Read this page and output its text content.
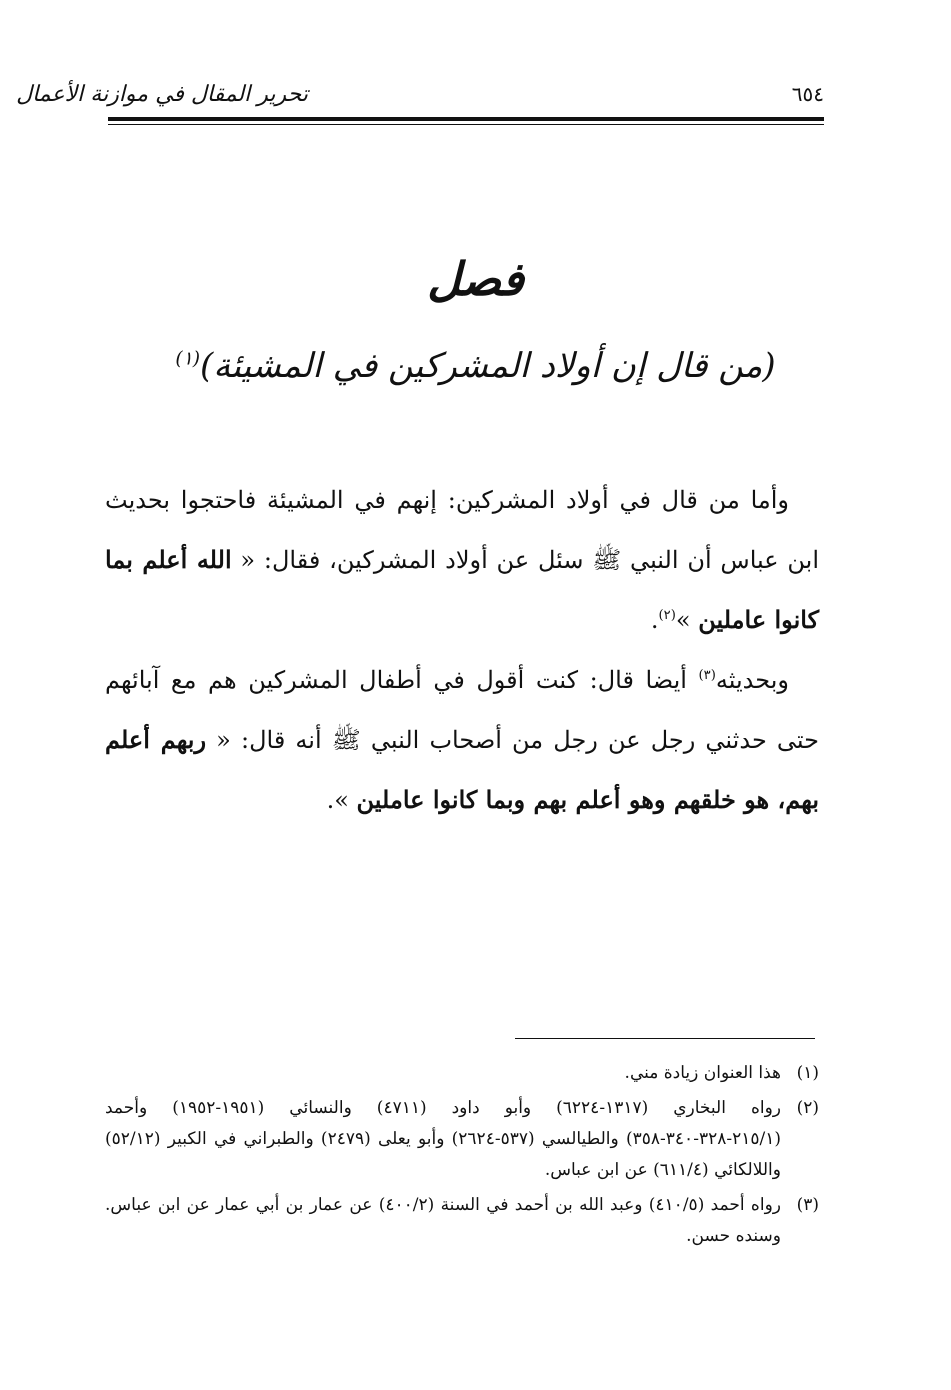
٦٥٤
تحرير المقال في موازنة الأعمال
فصل
(من قال إن أولاد المشركين في المشيئة)$^{(١)}$

وأما من قال في أولاد المشركين: إنهم في المشيئة فاحتجوا بحديث ابن عباس أن النبي ﷺ سئل عن أولاد المشركين، فقال: « الله أعلم بما كانوا عاملين »$^{(٢)}$.

وبحديثه$^{(٣)}$ أيضا قال: كنت أقول في أطفال المشركين هم مع آبائهم حتى حدثني رجل عن رجل من أصحاب النبي ﷺ أنه قال: « ربهم أعلم بهم، هو خلقهم وهو أعلم بهم وبما كانوا عاملين ».

(١)هذا العنوان زيادة مني.

(٢)رواه البخاري (١٣١٧-٦٢٢٤) وأبو داود (٤٧١١) والنسائي (١٩٥١-١٩٥٢) وأحمد (٢١٥/١-٣٢٨-٣٤٠-٣٥٨) والطيالسي (٥٣٧-٢٦٢٤) وأبو يعلى (٢٤٧٩) والطبراني في الكبير (٥٢/١٢) واللالكائي (٦١١/٤) عن ابن عباس.

(٣)رواه أحمد (٤١٠/٥) وعبد الله بن أحمد في السنة (٤٠٠/٢) عن عمار بن أبي عمار عن ابن عباس. وسنده حسن.
